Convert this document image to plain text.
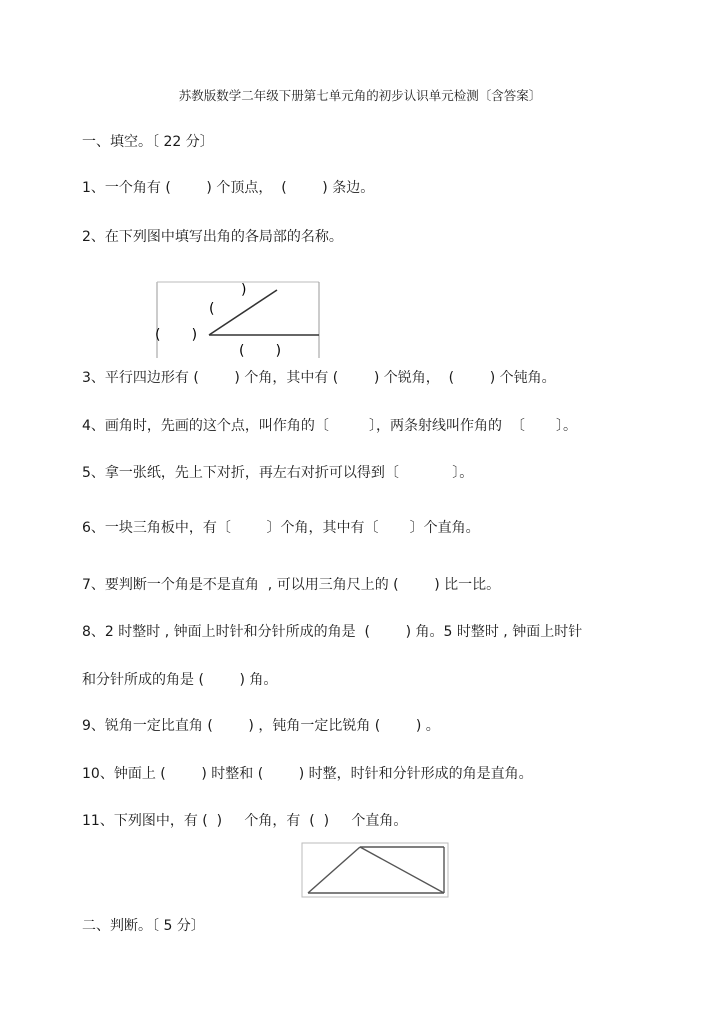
苏教版数学二年级下册第七单元角的初步认识单元检测〔含答案〕
一、填空。〔 22 分〕
1、一个角有 (        ) 个顶点，  (        ) 条边。
2、在下列图中填写出角的各局部的名称。
)
(
(       )
(       )
3、平行四边形有 (        ) 个角，其中有 (        ) 个锐角，  (        ) 个钝角。
4、画角时，先画的这个点，叫作角的〔         〕，两条射线叫作角的  〔       〕。
5、拿一张纸，先上下对折，再左右对折可以得到〔            〕。
6、一块三角板中，有〔        〕个角，其中有〔       〕个直角。
7、要判断一个角是不是直角  , 可以用三角尺上的 (        ) 比一比。
8、2 时整时 , 钟面上时针和分针所成的角是  (        ) 角。5 时整时 , 钟面上时针
和分针所成的角是 (        ) 角。
9、锐角一定比直角 (        ) ，钝角一定比锐角 (        ) 。
10、钟面上 (        ) 时整和 (        ) 时整，时针和分针形成的角是直角。
11、下列图中，有 (  )     个角，有  (  )     个直角。
二、判断。〔 5 分〕
